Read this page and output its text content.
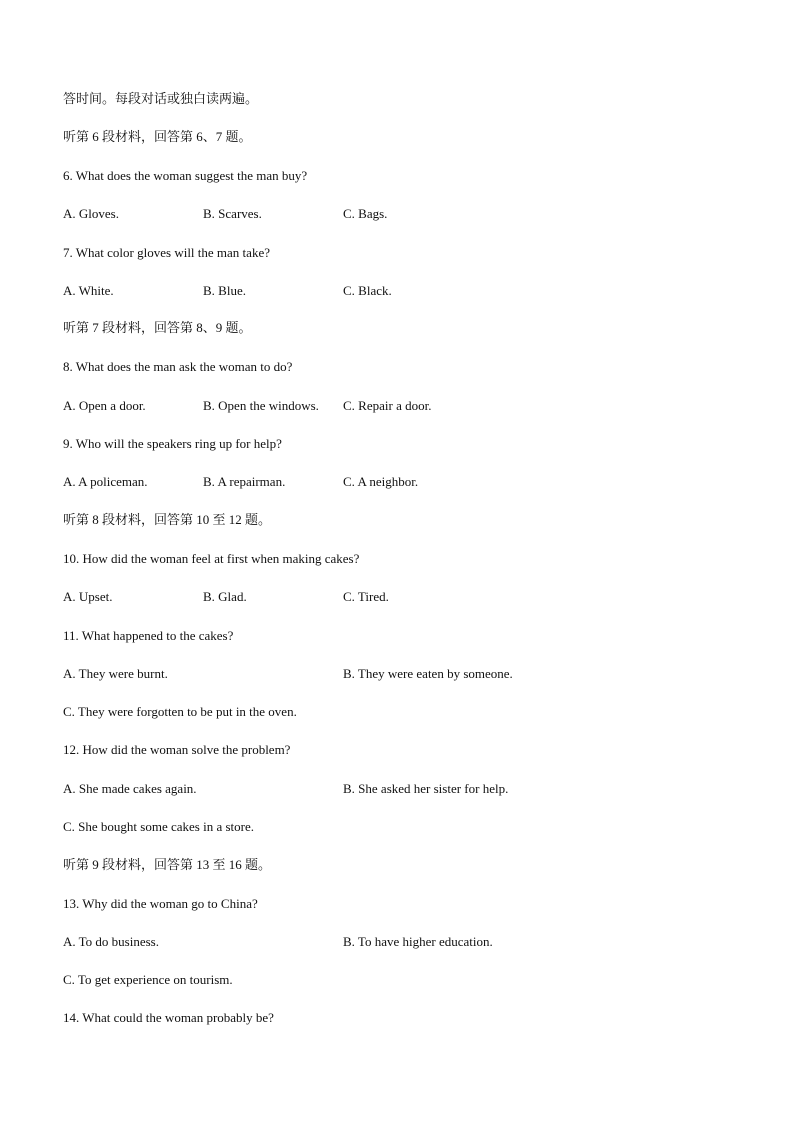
答时间。每段对话或独白读两遍。
听第 6 段材料，回答第 6、7 题。
6. What does the woman suggest the man buy?
A. Gloves.	B. Scarves.	C. Bags.
7. What color gloves will the man take?
A. White.	B. Blue.	C. Black.
听第 7 段材料，回答第 8、9 题。
8. What does the man ask the woman to do?
A. Open a door.	B. Open the windows. C. Repair a door.
9. Who will the speakers ring up for help?
A. A policeman.	B. A repairman.	C. A neighbor.
听第 8 段材料，回答第 10 至 12 题。
10. How did the woman feel at first when making cakes?
A. Upset.	B. Glad.	C. Tired.
11. What happened to the cakes?
A. They were burnt.	B. They were eaten by someone.
C. They were forgotten to be put in the oven.
12. How did the woman solve the problem?
A. She made cakes again.	B. She asked her sister for help.
C. She bought some cakes in a store.
听第 9 段材料，回答第 13 至 16 题。
13. Why did the woman go to China?
A. To do business.	B. To have higher education.
C. To get experience on tourism.
14. What could the woman probably be?
